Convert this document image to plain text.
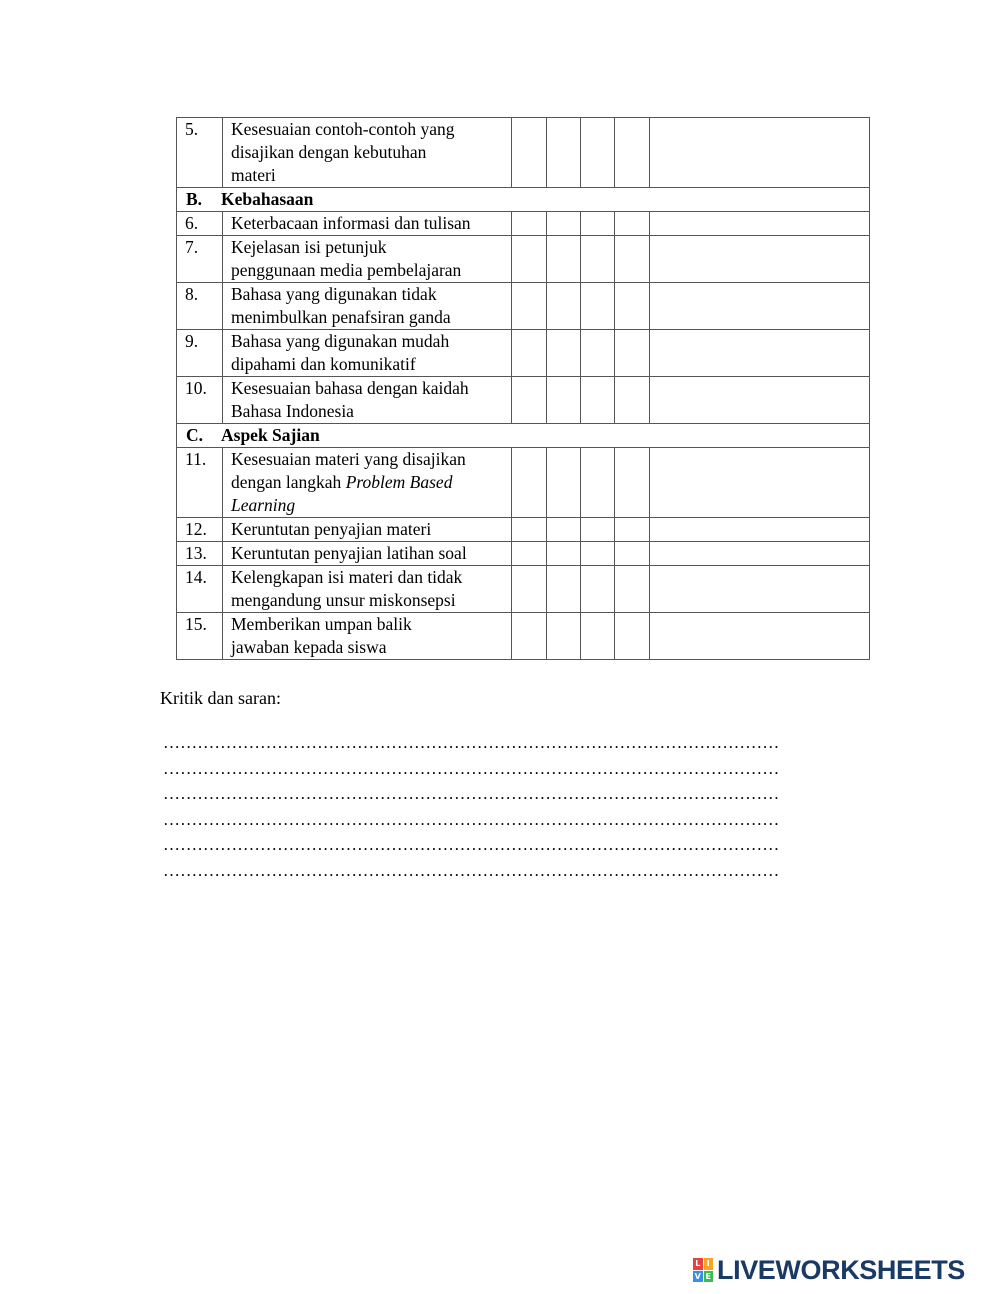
5.	Kesesuaian contoh-contoh yang
disajikan dengan kebutuhan
materi					

B. Kebahasaan						
6.	Keterbacaan informasi dan tulisan					

7.	Kejelasan isi petunjuk
penggunaan media pembelajaran					

8.	Bahasa yang digunakan tidak
menimbulkan penafsiran ganda					

9.	Bahasa yang digunakan mudah
dipahami dan komunikatif					

10.	Kesesuaian bahasa dengan kaidah
Bahasa Indonesia					

C. Aspek Sajian						
11.	Kesesuaian materi yang disajikan
dengan langkah Problem Based
Learning					

12.	Keruntutan penyajian materi					

13.	Keruntutan penyajian latihan soal					

14.	Kelengkapan isi materi dan tidak
mengandung unsur miskonsepsi					

15.	Memberikan umpan balik
jawaban kepada siswa					

Kritik dan saran:
………………………………………………………………………………………………
………………………………………………………………………………………………
………………………………………………………………………………………………
………………………………………………………………………………………………
………………………………………………………………………………………………
………………………………………………………………………………………………
L I
V E LIVEWORKSHEETS
